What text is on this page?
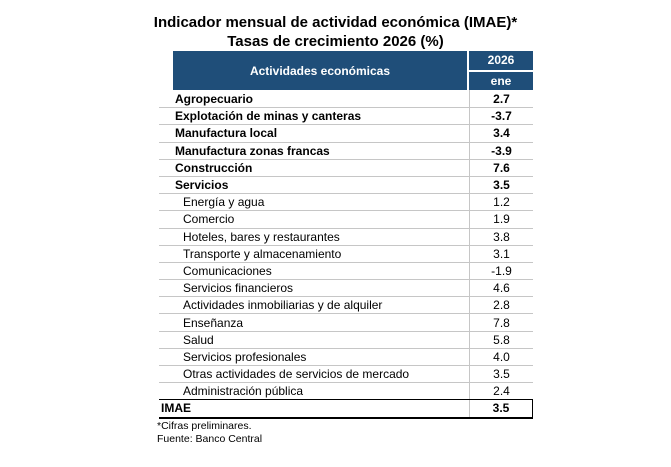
Indicador mensual de actividad económica (IMAE)*
Tasas de crecimiento 2026 (%)
Actividades económicas
2026
ene
Agropecuario	2.7
Explotación de minas y canteras	-3.7
Manufactura local	3.4
Manufactura zonas francas	-3.9
Construcción	7.6
Servicios	3.5
Energía y agua	1.2
Comercio	1.9
Hoteles, bares y restaurantes	3.8
Transporte y almacenamiento	3.1
Comunicaciones	-1.9
Servicios financieros	4.6
Actividades inmobiliarias y de alquiler	2.8
Enseñanza	7.8
Salud	5.8
Servicios profesionales	4.0
Otras actividades de servicios de mercado	3.5
Administración pública	2.4
IMAE	3.5
*Cifras preliminares.
Fuente: Banco Central
